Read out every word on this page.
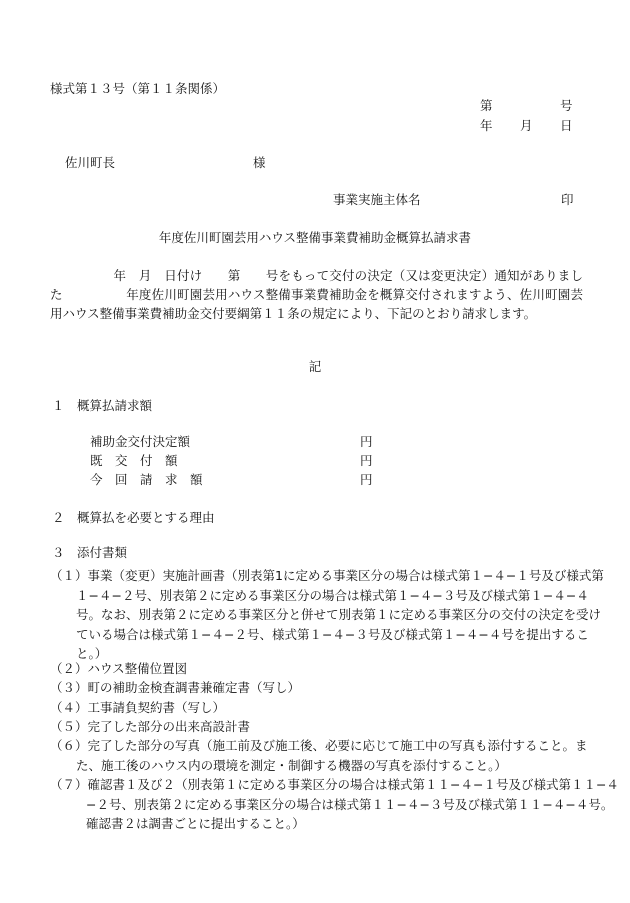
様式第１３号（第１１条関係）
第	号
年 月 日
佐川町長	様
事業実施主体名	印
年度佐川町園芸用ハウス整備事業費補助金概算払請求書
　　　　　年　月　日付け　　第　　号をもって交付の決定（又は変更決定）通知がありました　　　　　年度佐川町園芸用ハウス整備事業費補助金を概算交付されますよう、佐川町園芸用ハウス整備事業費補助金交付要綱第１１条の規定により、下記のとおり請求します。
記
１　概算払請求額
補助金交付決定額	円
既　交　付　額	円
今　回　請　求　額	円
２　概算払を必要とする理由
３　添付書類
（１）事業（変更）実施計画書（別表第1に定める事業区分の場合は様式第１−４−１号及び様式第１−４−２号、別表第２に定める事業区分の場合は様式第１−４−３号及び様式第１−４−４号。なお、別表第２に定める事業区分と併せて別表第１に定める事業区分の交付の決定を受けている場合は様式第１−４−２号、様式第１−４−３号及び様式第１−４−４号を提出すること。）
（２）ハウス整備位置図
（３）町の補助金検査調書兼確定書（写し）
（４）工事請負契約書（写し）
（５）完了した部分の出来高設計書
（６）完了した部分の写真（施工前及び施工後、必要に応じて施工中の写真も添付すること。また、施工後のハウス内の環境を測定・制御する機器の写真を添付すること。）
（７）確認書１及び２（別表第１に定める事業区分の場合は様式第１１−４−１号及び様式第１１−４−２号、別表第２に定める事業区分の場合は様式第１１−４−３号及び様式第１１−４−４号。確認書２は調書ごとに提出すること。）
